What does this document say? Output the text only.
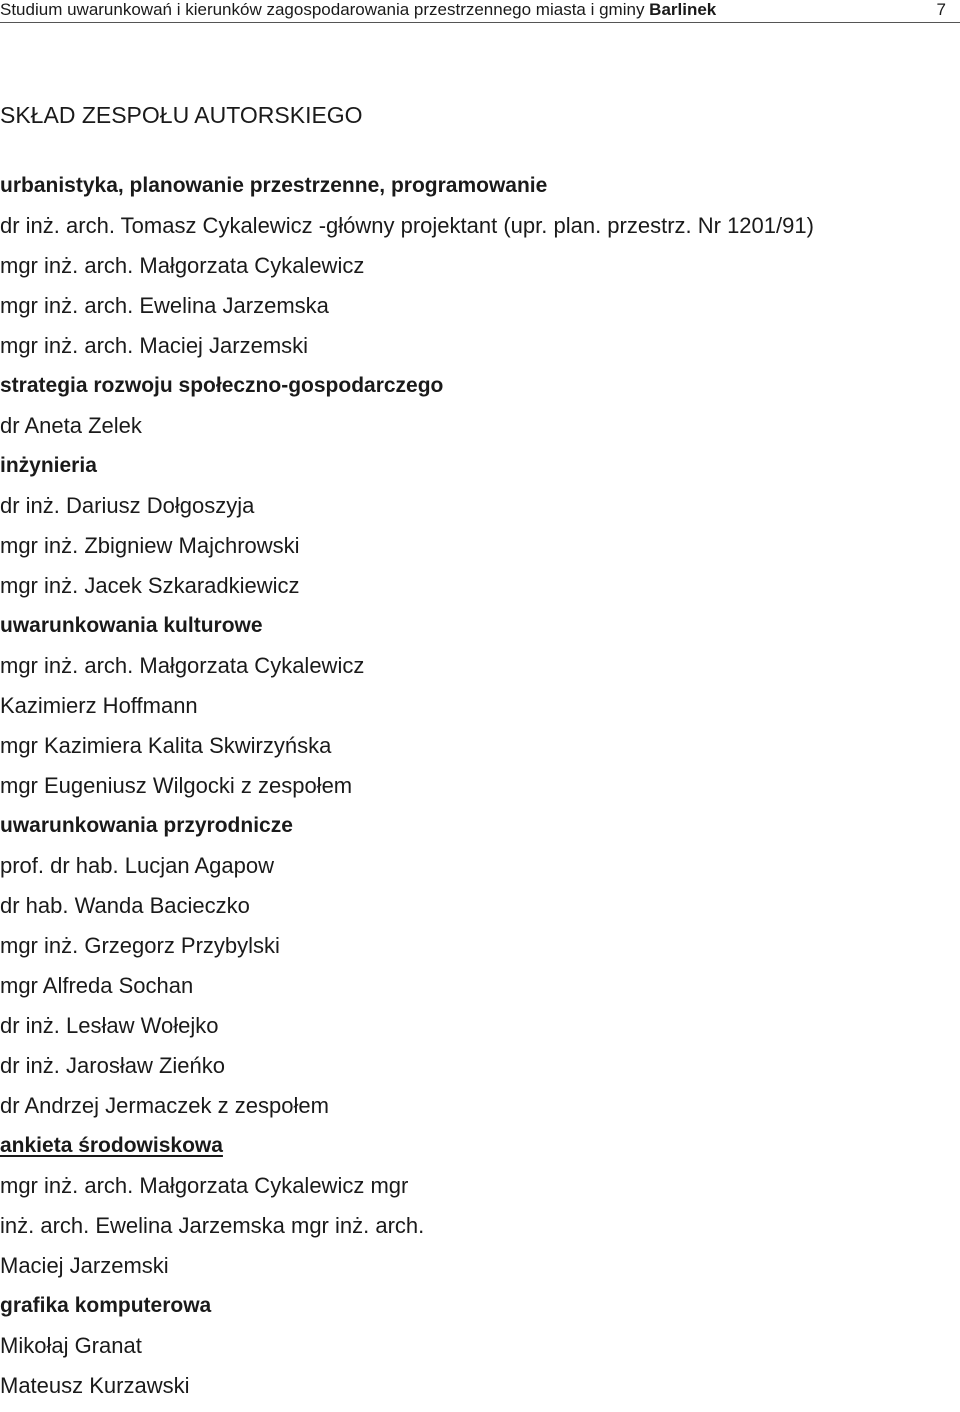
Studium uwarunkowań i kierunków zagospodarowania przestrzennego miasta i gminy Barlinek	7
SKŁAD ZESPOŁU AUTORSKIEGO
urbanistyka, planowanie przestrzenne, programowanie
dr inż. arch. Tomasz Cykalewicz -główny projektant (upr. plan. przestrz. Nr 1201/91)
mgr inż. arch. Małgorzata Cykalewicz
mgr inż. arch. Ewelina Jarzemska
mgr inż. arch. Maciej Jarzemski
strategia rozwoju społeczno-gospodarczego
dr Aneta Zelek
inżynieria
dr inż. Dariusz Dołgoszyja
mgr inż. Zbigniew Majchrowski
mgr inż. Jacek Szkaradkiewicz
uwarunkowania kulturowe
mgr inż. arch. Małgorzata Cykalewicz
Kazimierz Hoffmann
mgr Kazimiera Kalita Skwirzyńska
mgr Eugeniusz Wilgocki z zespołem
uwarunkowania przyrodnicze
prof. dr hab. Lucjan Agapow
dr hab. Wanda Bacieczko
mgr inż. Grzegorz Przybylski
mgr Alfreda Sochan
dr inż. Lesław Wołejko
dr inż. Jarosław Zieńko
dr Andrzej Jermaczek z zespołem
ankieta środowiskowa
mgr inż. arch. Małgorzata Cykalewicz mgr
inż. arch. Ewelina Jarzemska mgr inż. arch.
Maciej Jarzemski
grafika komputerowa
Mikołaj Granat
Mateusz Kurzawski
